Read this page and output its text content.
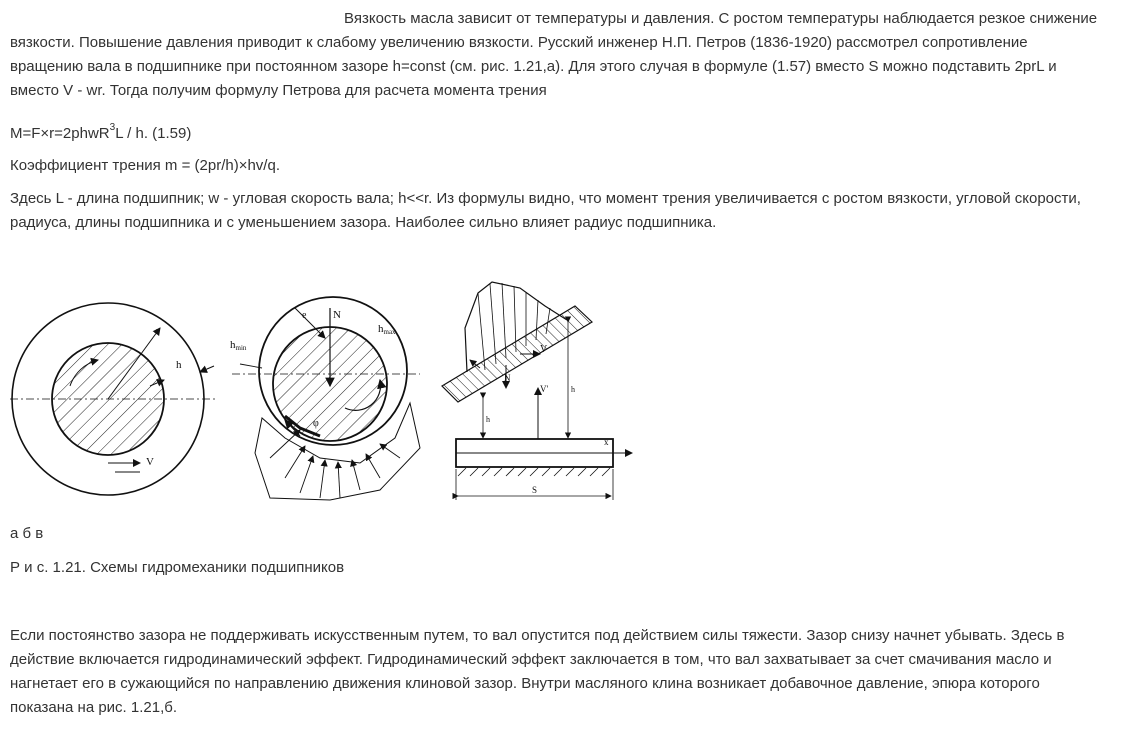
Вязкость масла зависит от температуры и давления. С ростом температуры наблюдается резкое снижение

вязкости. Повышение давления приводит к слабому увеличению вязкости. Русский инженер Н.П. Петров (1836-1920) рассмотрел сопротивление

вращению вала в подшипнике при постоянном зазоре h=const (см. рис. 1.21,а). Для этого случая в формуле (1.57) вместо S можно подставить 2prL и

вместо V - wr. Тогда получим формулу Петрова для расчета момента трения

M=F×r=2phwR$^3$L / h. (1.59)

Коэффициент трения m = (2pr/h)×hv/q.

Здесь L - длина подшипник; w - угловая скорость вала; h<<r. Из формулы видно, что момент трения увеличивается с ростом вязкости, угловой скорости,

радиуса, длины подшипника и с уменьшением зазора. Наиболее сильно влияет радиус подшипника.

r
h
V
N
e
hmax
hmin
φ
V
N
V'	h
h
x
S

а б в

Р и с. 1.21. Схемы гидромеханики подшипников

Если постоянство зазора не поддерживать искусственным путем, то вал опустится под действием силы тяжести. Зазор снизу начнет убывать. Здесь в

действие включается гидродинамический эффект. Гидродинамический эффект заключается в том, что вал захватывает за счет смачивания масло и

нагнетает его в сужающийся по направлению движения клиновой зазор. Внутри масляного клина возникает добавочное давление, эпюра которого

показана на рис. 1.21,б.
